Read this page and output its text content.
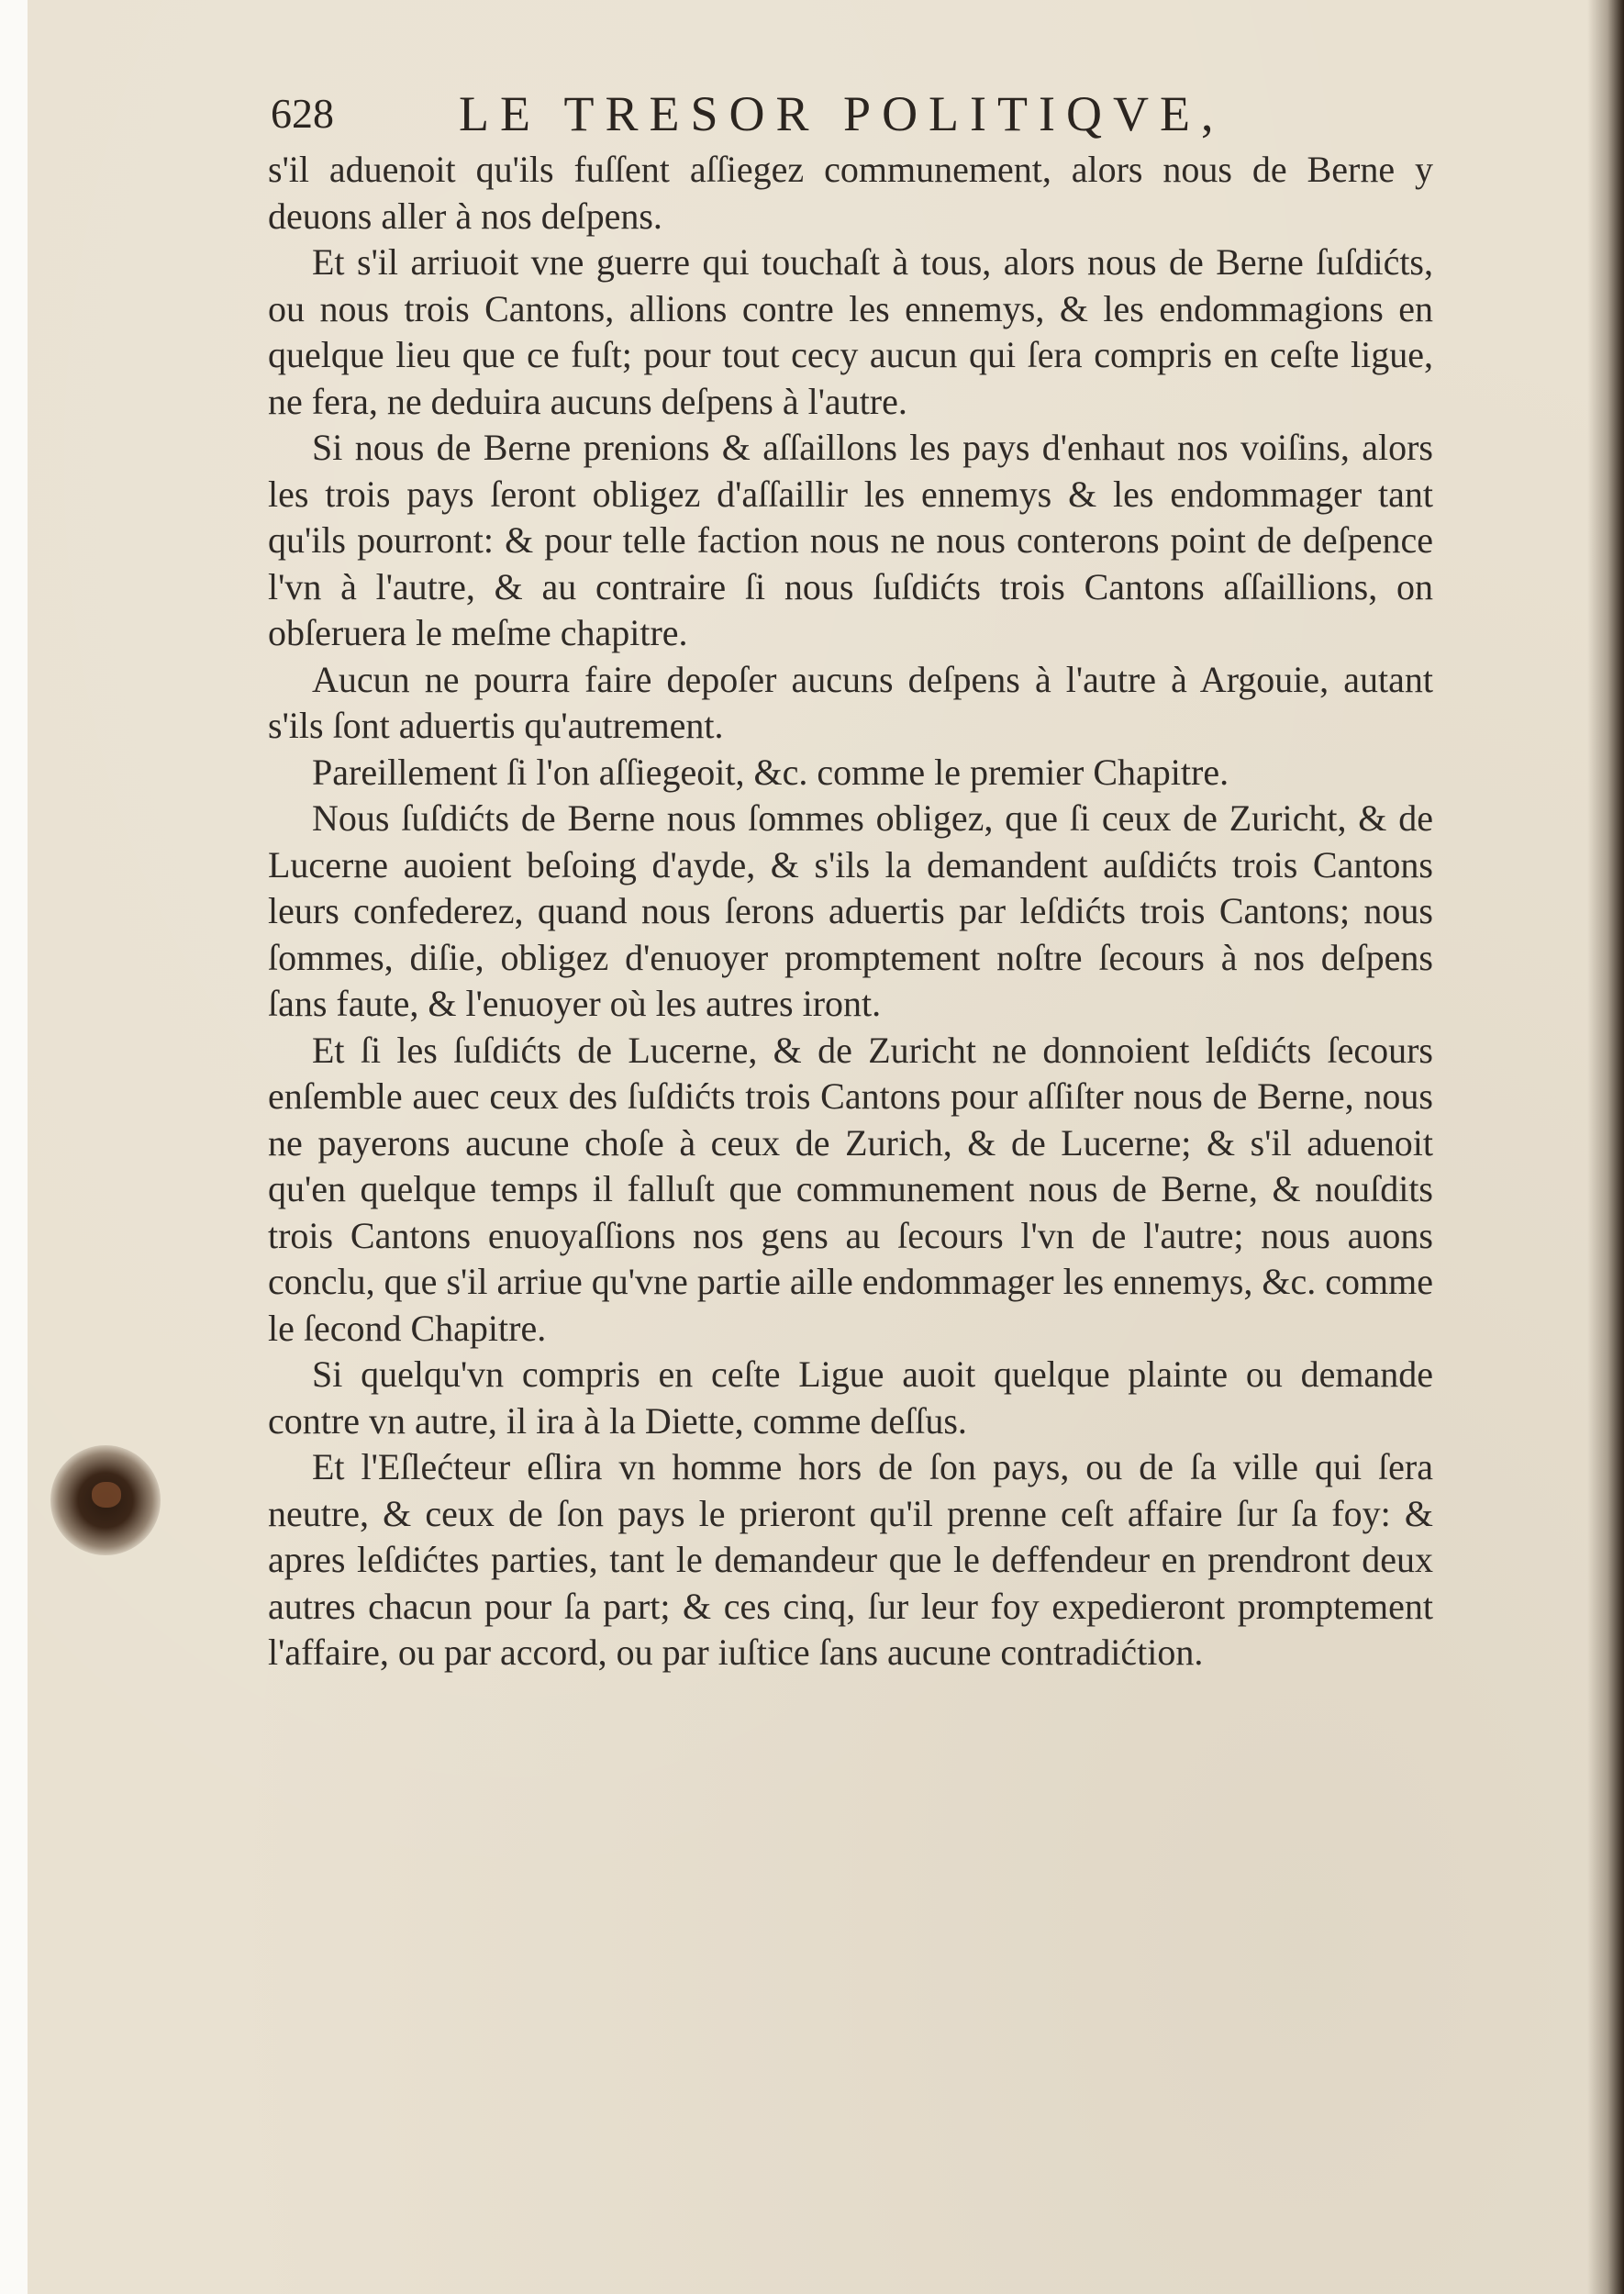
628	LE TRESOR POLITIQVE,

s'il aduenoit qu'ils fuſſent aſſiegez communement, alors nous de Berne y deuons aller à nos deſpens.

Et s'il arriuoit vne guerre qui touchaſt à tous, alors nous de Berne ſuſdićts, ou nous trois Cantons, allions contre les ennemys, & les endommagions en quelque lieu que ce fuſt; pour tout cecy aucun qui ſera compris en ceſte ligue, ne fera, ne deduira aucuns deſpens à l'autre.

Si nous de Berne prenions & aſſaillons les pays d'enhaut nos voiſins, alors les trois pays ſeront obligez d'aſſaillir les ennemys & les endommager tant qu'ils pourront: & pour telle faction nous ne nous conterons point de deſpence l'vn à l'autre, & au contraire ſi nous ſuſdićts trois Cantons aſſaillions, on obſeruera le meſme chapitre.

Aucun ne pourra faire depoſer aucuns deſpens à l'autre à Argouie, autant s'ils ſont aduertis qu'autrement.

Pareillement ſi l'on aſſiegeoit, &c. comme le premier Chapitre.

Nous ſuſdićts de Berne nous ſommes obligez, que ſi ceux de Zuricht, & de Lucerne auoient beſoing d'ayde, & s'ils la demandent auſdićts trois Cantons leurs confederez, quand nous ſerons aduertis par leſdićts trois Cantons; nous ſommes, diſie, obligez d'enuoyer promptement noſtre ſecours à nos deſpens ſans faute, & l'enuoyer où les autres iront.

Et ſi les ſuſdićts de Lucerne, & de Zuricht ne donnoient leſdićts ſecours enſemble auec ceux des ſuſdićts trois Cantons pour aſſiſter nous de Berne, nous ne payerons aucune choſe à ceux de Zurich, & de Lucerne; & s'il aduenoit qu'en quelque temps il falluſt que communement nous de Berne, & nouſdits trois Cantons enuoyaſſions nos gens au ſecours l'vn de l'autre; nous auons conclu, que s'il arriue qu'vne partie aille endommager les ennemys, &c. comme le ſecond Chapitre.

Si quelqu'vn compris en ceſte Ligue auoit quelque plainte ou demande contre vn autre, il ira à la Diette, comme deſſus.

Et l'Eſlećteur eſlira vn homme hors de ſon pays, ou de ſa ville qui ſera neutre, & ceux de ſon pays le prieront qu'il prenne ceſt affaire ſur ſa foy: & apres leſdićtes parties, tant le demandeur que le deffendeur en prendront deux autres chacun pour ſa part; & ces cinq, ſur leur foy expedieront promptement l'affaire, ou par accord, ou par iuſtice ſans aucune contradićtion.
